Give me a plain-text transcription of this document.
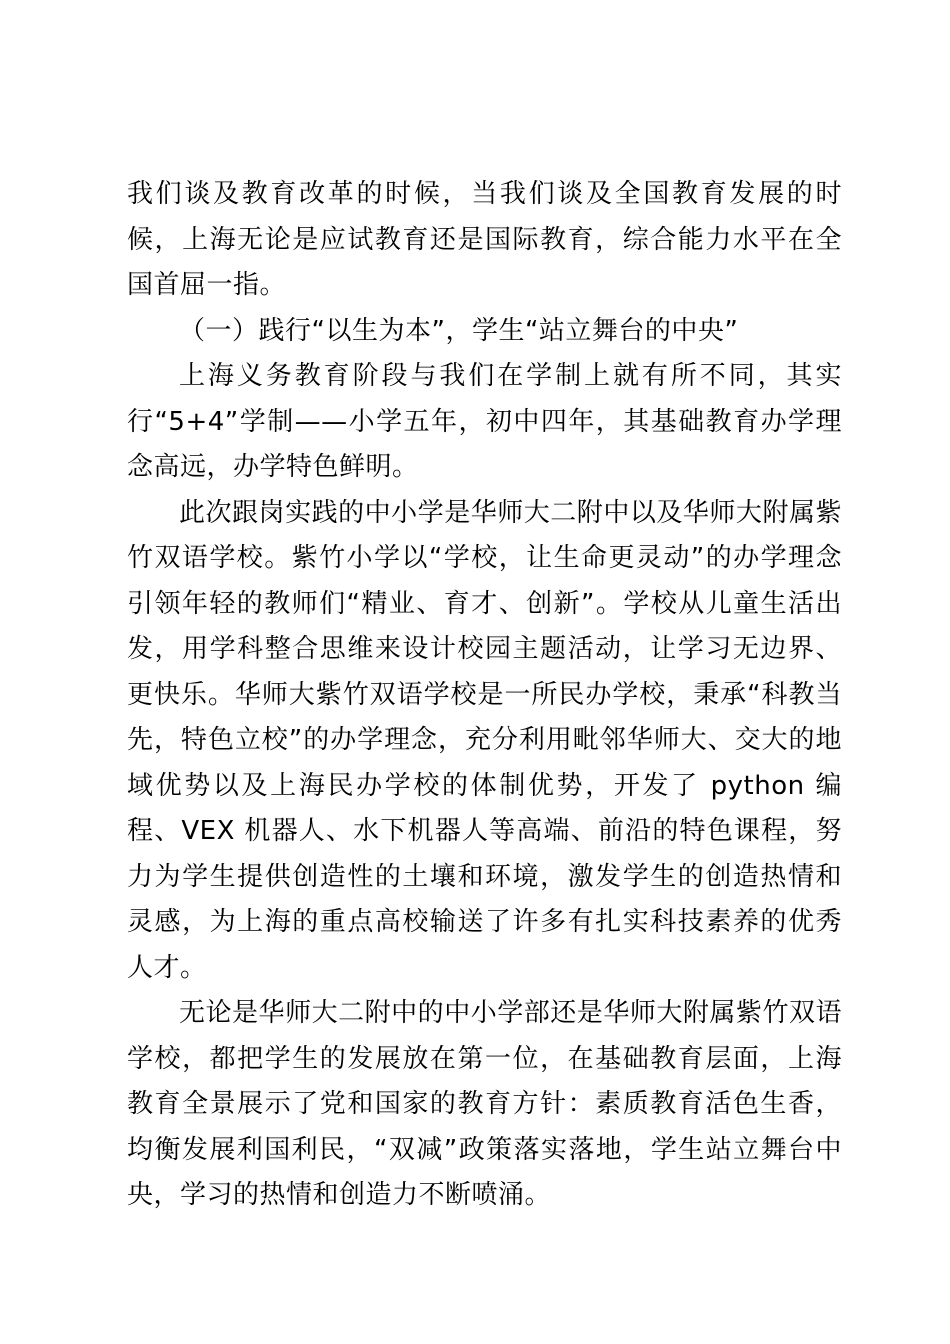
我们谈及教育改革的时候，当我们谈及全国教育发展的时候，上海无论是应试教育还是国际教育，综合能力水平在全国首屈一指。

（一）践行“以生为本”，学生“站立舞台的中央”

上海义务教育阶段与我们在学制上就有所不同，其实行“5+4”学制——小学五年，初中四年，其基础教育办学理念高远，办学特色鲜明。

此次跟岗实践的中小学是华师大二附中以及华师大附属紫竹双语学校。紫竹小学以“学校，让生命更灵动”的办学理念引领年轻的教师们“精业、育才、创新”。学校从儿童生活出发，用学科整合思维来设计校园主题活动，让学习无边界、更快乐。华师大紫竹双语学校是一所民办学校，秉承“科教当先，特色立校”的办学理念，充分利用毗邻华师大、交大的地域优势以及上海民办学校的体制优势，开发了 python 编程、VEX 机器人、水下机器人等高端、前沿的特色课程，努力为学生提供创造性的土壤和环境，激发学生的创造热情和灵感，为上海的重点高校输送了许多有扎实科技素养的优秀人才。

无论是华师大二附中的中小学部还是华师大附属紫竹双语学校，都把学生的发展放在第一位，在基础教育层面，上海教育全景展示了党和国家的教育方针：素质教育活色生香，均衡发展利国利民，“双减”政策落实落地，学生站立舞台中央，学习的热情和创造力不断喷涌。
